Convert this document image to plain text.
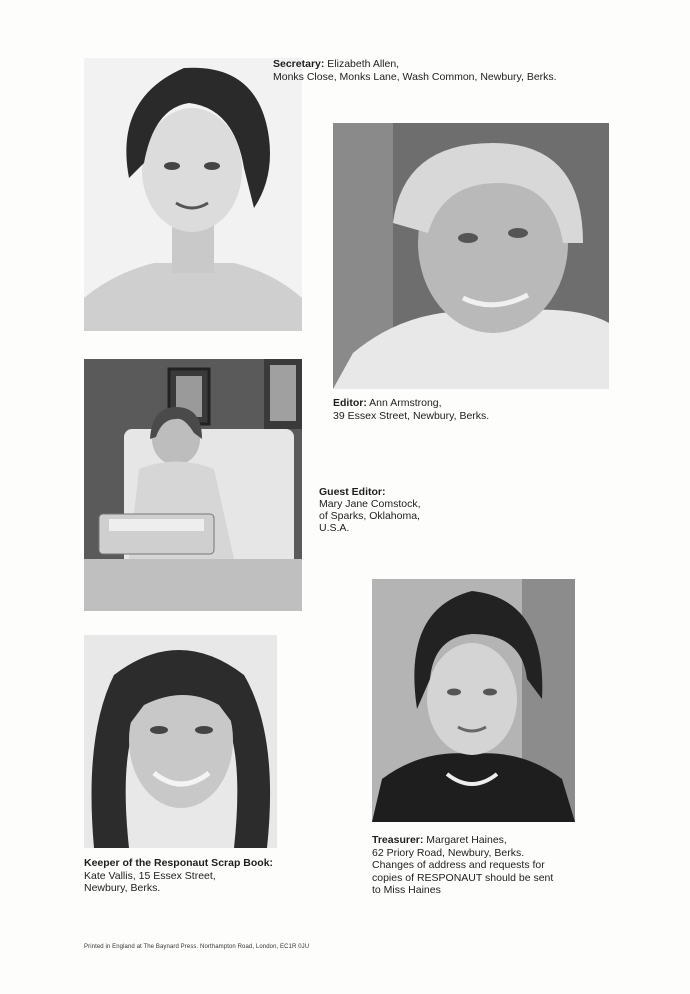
Secretary: Elizabeth Allen,
Monks Close, Monks Lane, Wash Common, Newbury, Berks.
Editor: Ann Armstrong,
39 Essex Street, Newbury, Berks.
Guest Editor:
Mary Jane Comstock,
of Sparks, Oklahoma,
U.S.A.
Treasurer: Margaret Haines,
62 Priory Road, Newbury, Berks.
Changes of address and requests for
copies of RESPONAUT should be sent
to Miss Haines
Keeper of the Responaut Scrap Book:
Kate Vallis, 15 Essex Street,
Newbury, Berks.
Printed in England at The Baynard Press. Northampton Road, London, EC1R 0JU
